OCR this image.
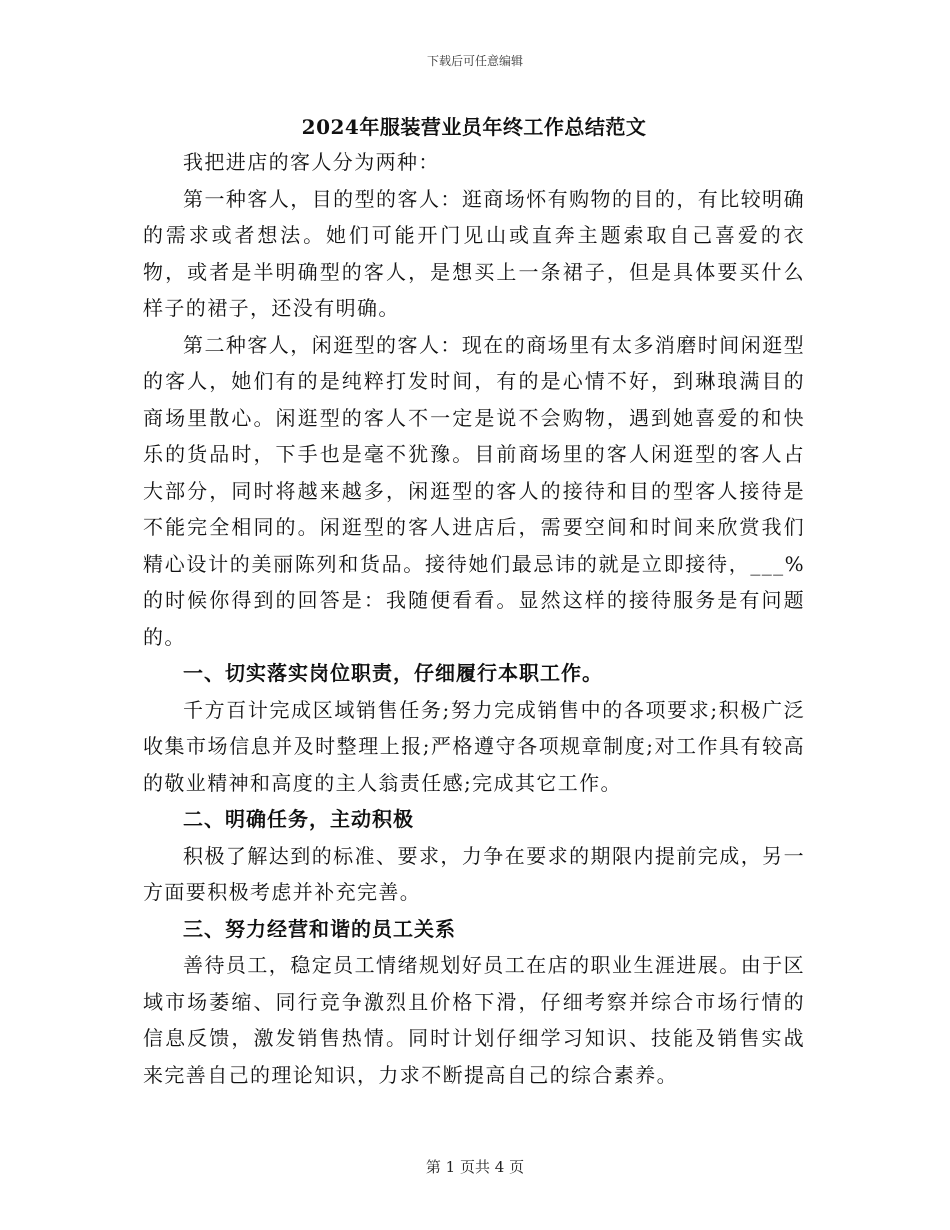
下载后可任意编辑
2024年服装营业员年终工作总结范文

我把进店的客人分为两种：

第一种客人，目的型的客人：逛商场怀有购物的目的，有比较明确的需求或者想法。她们可能开门见山或直奔主题索取自己喜爱的衣物，或者是半明确型的客人，是想买上一条裙子，但是具体要买什么样子的裙子，还没有明确。

第二种客人，闲逛型的客人：现在的商场里有太多消磨时间闲逛型的客人，她们有的是纯粹打发时间，有的是心情不好，到琳琅满目的商场里散心。闲逛型的客人不一定是说不会购物，遇到她喜爱的和快乐的货品时，下手也是毫不犹豫。目前商场里的客人闲逛型的客人占大部分，同时将越来越多，闲逛型的客人的接待和目的型客人接待是不能完全相同的。闲逛型的客人进店后，需要空间和时间来欣赏我们精心设计的美丽陈列和货品。接待她们最忌讳的就是立即接待，___%的时候你得到的回答是：我随便看看。显然这样的接待服务是有问题的。

一、切实落实岗位职责，仔细履行本职工作。

千方百计完成区域销售任务;努力完成销售中的各项要求;积极广泛收集市场信息并及时整理上报;严格遵守各项规章制度;对工作具有较高的敬业精神和高度的主人翁责任感;完成其它工作。

二、明确任务，主动积极

积极了解达到的标准、要求，力争在要求的期限内提前完成，另一方面要积极考虑并补充完善。

三、努力经营和谐的员工关系

善待员工，稳定员工情绪规划好员工在店的职业生涯进展。由于区域市场萎缩、同行竞争激烈且价格下滑，仔细考察并综合市场行情的信息反馈，激发销售热情。同时计划仔细学习知识、技能及销售实战来完善自己的理论知识，力求不断提高自己的综合素养。

第 1 页共 4 页
